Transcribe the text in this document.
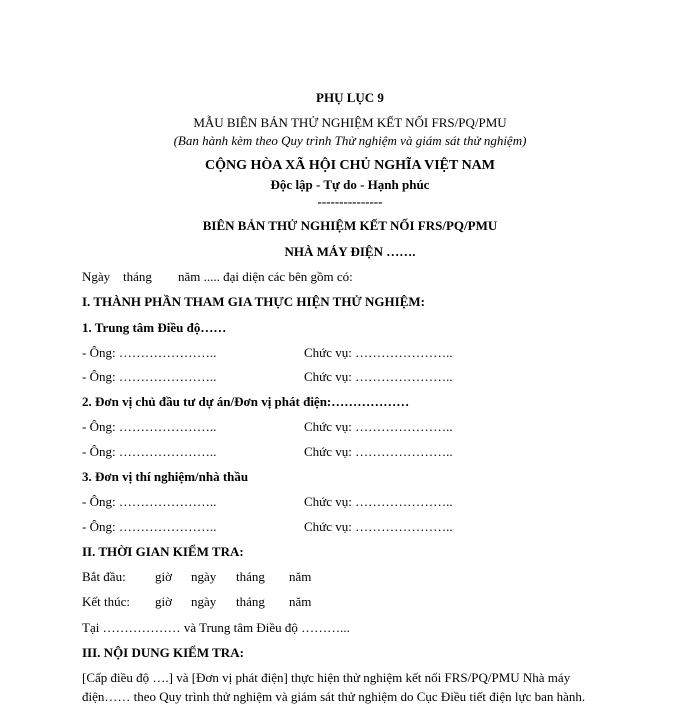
PHỤ LỤC 9
MẪU BIÊN BẢN THỬ NGHIỆM KẾT NỐI FRS/PQ/PMU
(Ban hành kèm theo Quy trình Thử nghiệm và giám sát thử nghiệm)
CỘNG HÒA XÃ HỘI CHỦ NGHĨA VIỆT NAM
Độc lập - Tự do - Hạnh phúc
---------------
BIÊN BẢN THỬ NGHIỆM KẾT NỐI FRS/PQ/PMU
NHÀ MÁY ĐIỆN …….
Ngày tháng năm ..... đại diện các bên gồm có:
I. THÀNH PHẦN THAM GIA THỰC HIỆN THỬ NGHIỆM:
1. Trung tâm Điều độ……
- Ông: …………………..	Chức vụ: …………………..
- Ông: …………………..	Chức vụ: …………………..
2. Đơn vị chủ đầu tư dự án/Đơn vị phát điện:………………
- Ông: …………………..	Chức vụ: …………………..
- Ông: …………………..	Chức vụ: …………………..
3. Đơn vị thí nghiệm/nhà thầu
- Ông: …………………..	Chức vụ: …………………..
- Ông: …………………..	Chức vụ: …………………..
II. THỜI GIAN KIỂM TRA:
Bắt đầu: giờ ngày tháng năm
Kết thúc: giờ ngày tháng năm
Tại ……………… và Trung tâm Điều độ ………...
III. NỘI DUNG KIỂM TRA:
[Cấp điều độ ….] và [Đơn vị phát điện] thực hiện thử nghiệm kết nối FRS/PQ/PMU Nhà máy
điện…… theo Quy trình thử nghiệm và giám sát thử nghiệm do Cục Điều tiết điện lực ban hành.
